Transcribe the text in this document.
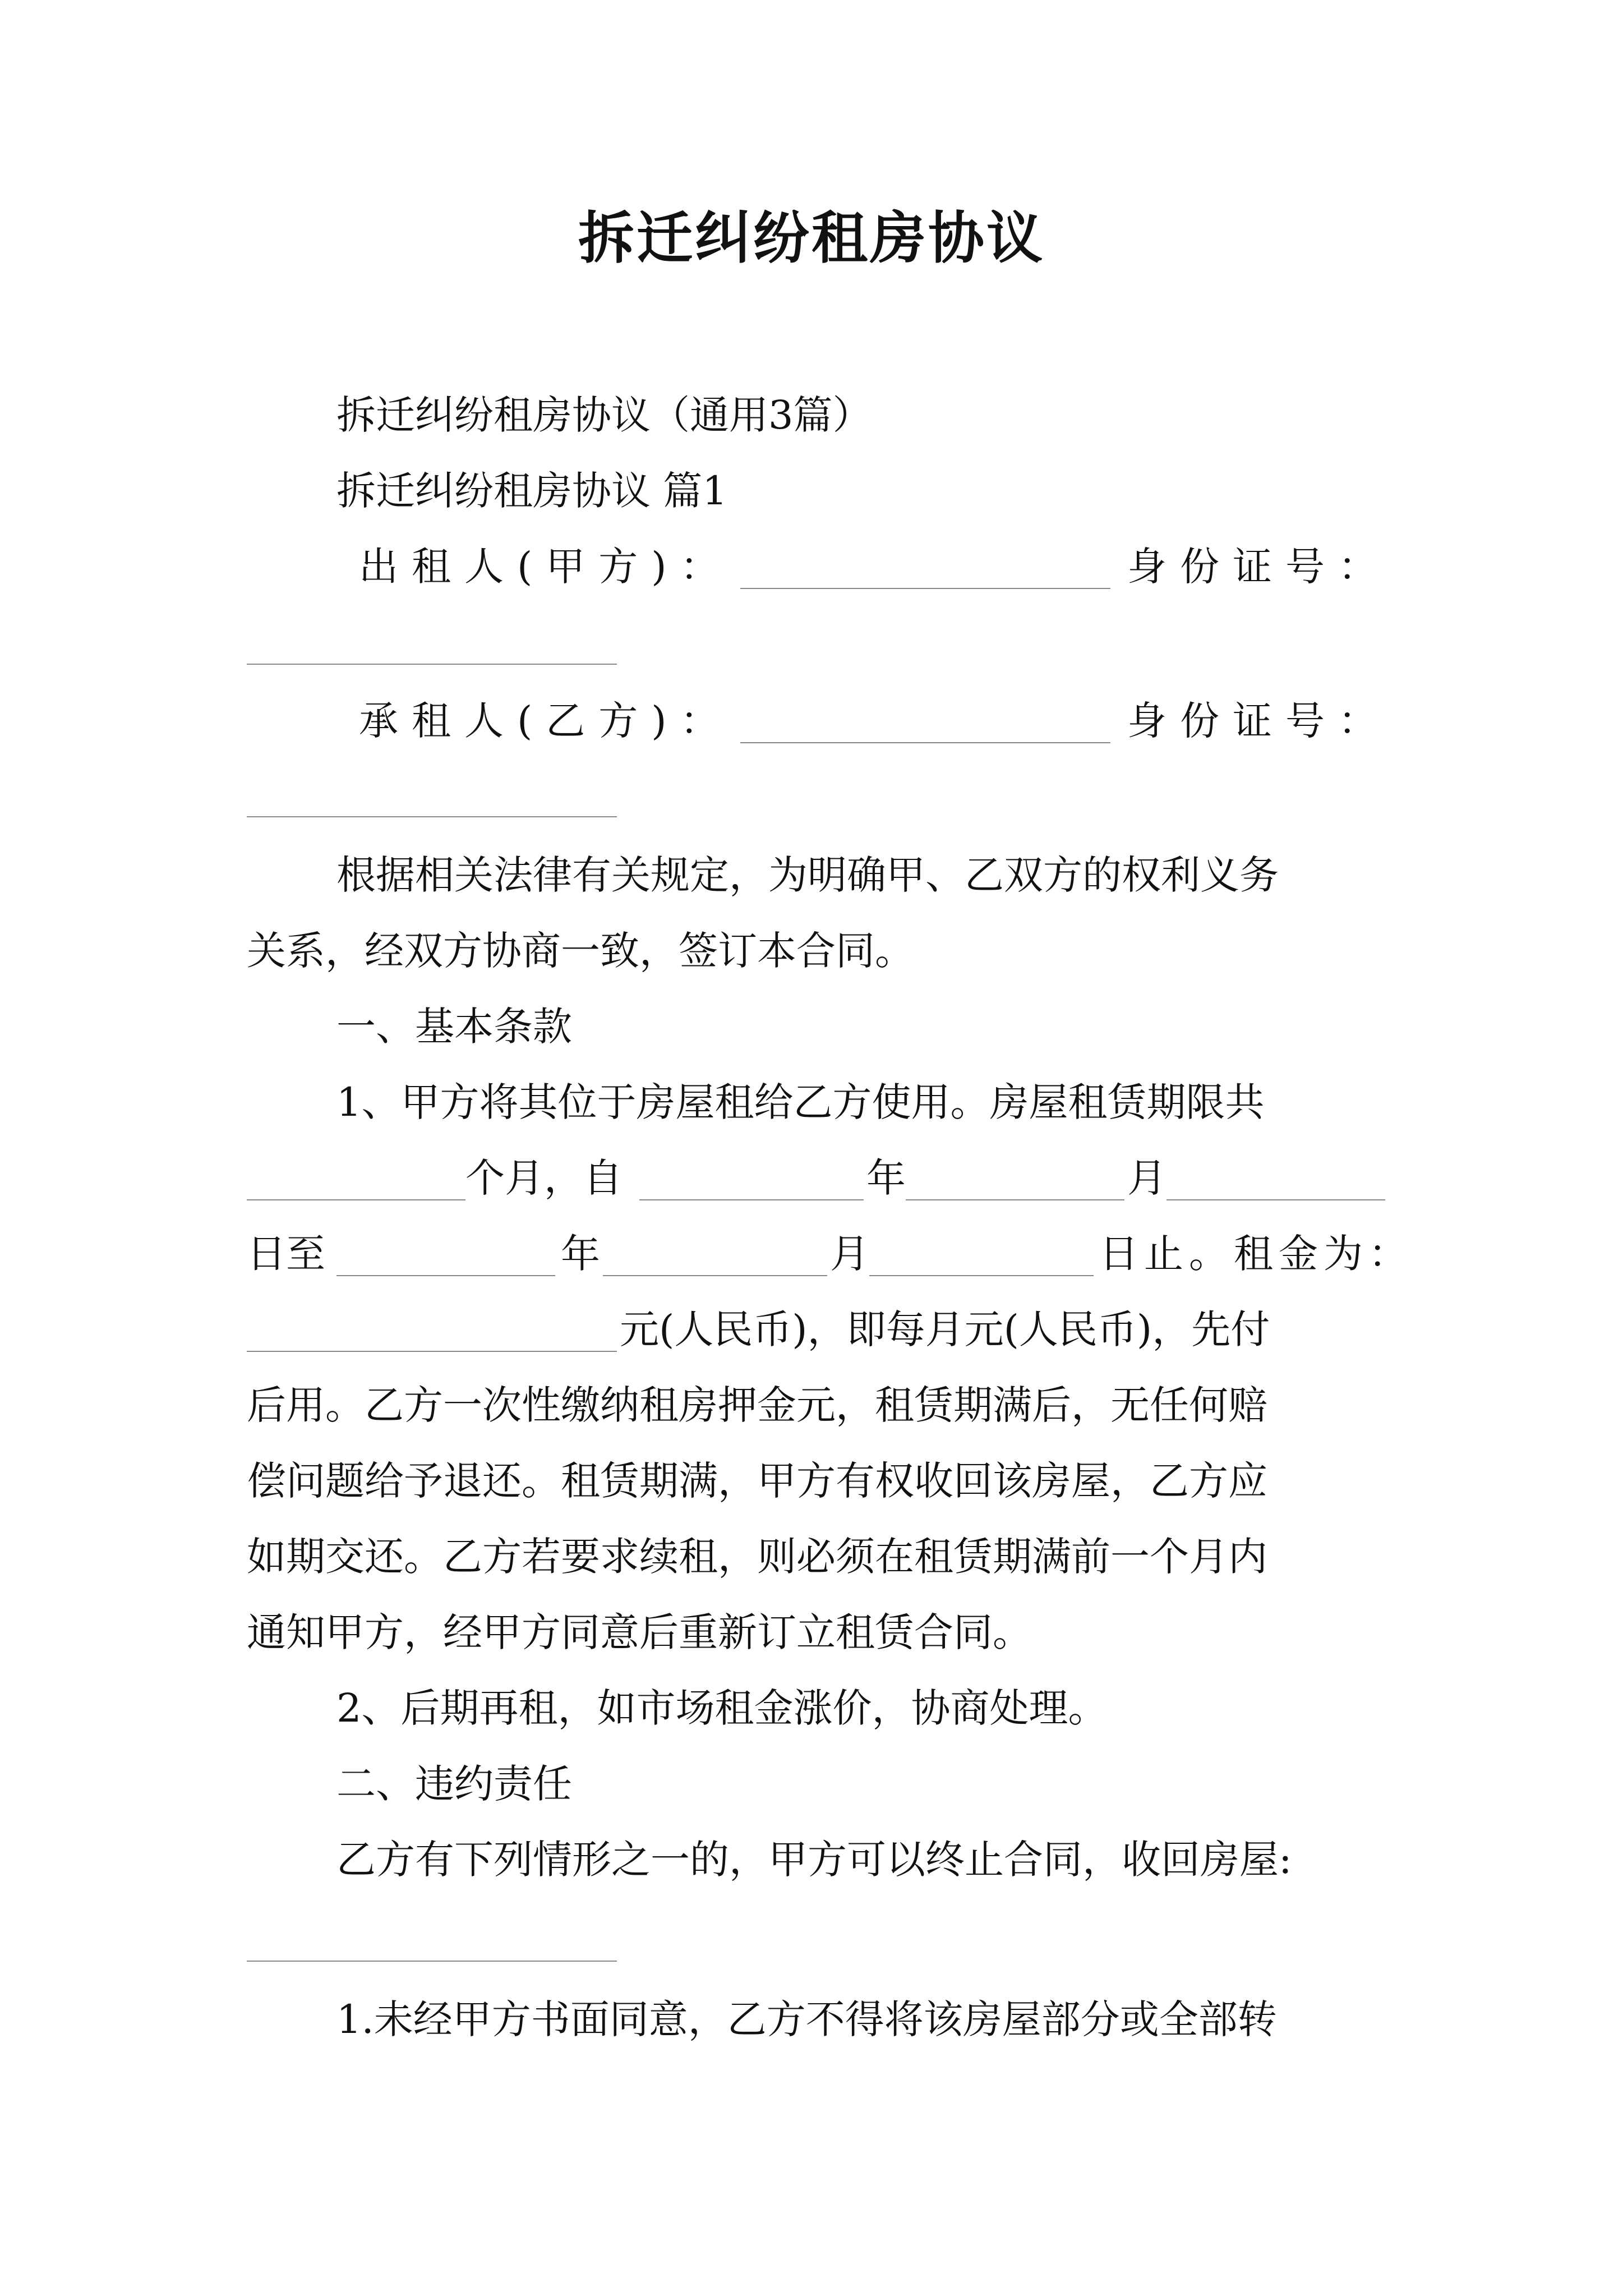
拆迁纠纷租房协议
拆迁纠纷租房协议（通用3篇）
拆迁纠纷租房协议 篇1
出租人(甲方)：	身份证号：
承租人(乙方)：	身份证号：
根据相关法律有关规定，为明确甲、乙双方的权利义务
关系，经双方协商一致，签订本合同。
一、基本条款
1、甲方将其位于房屋租给乙方使用。房屋租赁期限共
个月，自	年	月
日至	年	月	日止。租金为：
元(人民币)，即每月元(人民币)，先付
后用。乙方一次性缴纳租房押金元，租赁期满后，无任何赔
偿问题给予退还。租赁期满，甲方有权收回该房屋，乙方应
如期交还。乙方若要求续租，则必须在租赁期满前一个月内
通知甲方，经甲方同意后重新订立租赁合同。
2、后期再租，如市场租金涨价，协商处理。
二、违约责任
乙方有下列情形之一的，甲方可以终止合同，收回房屋:
1.未经甲方书面同意，乙方不得将该房屋部分或全部转
